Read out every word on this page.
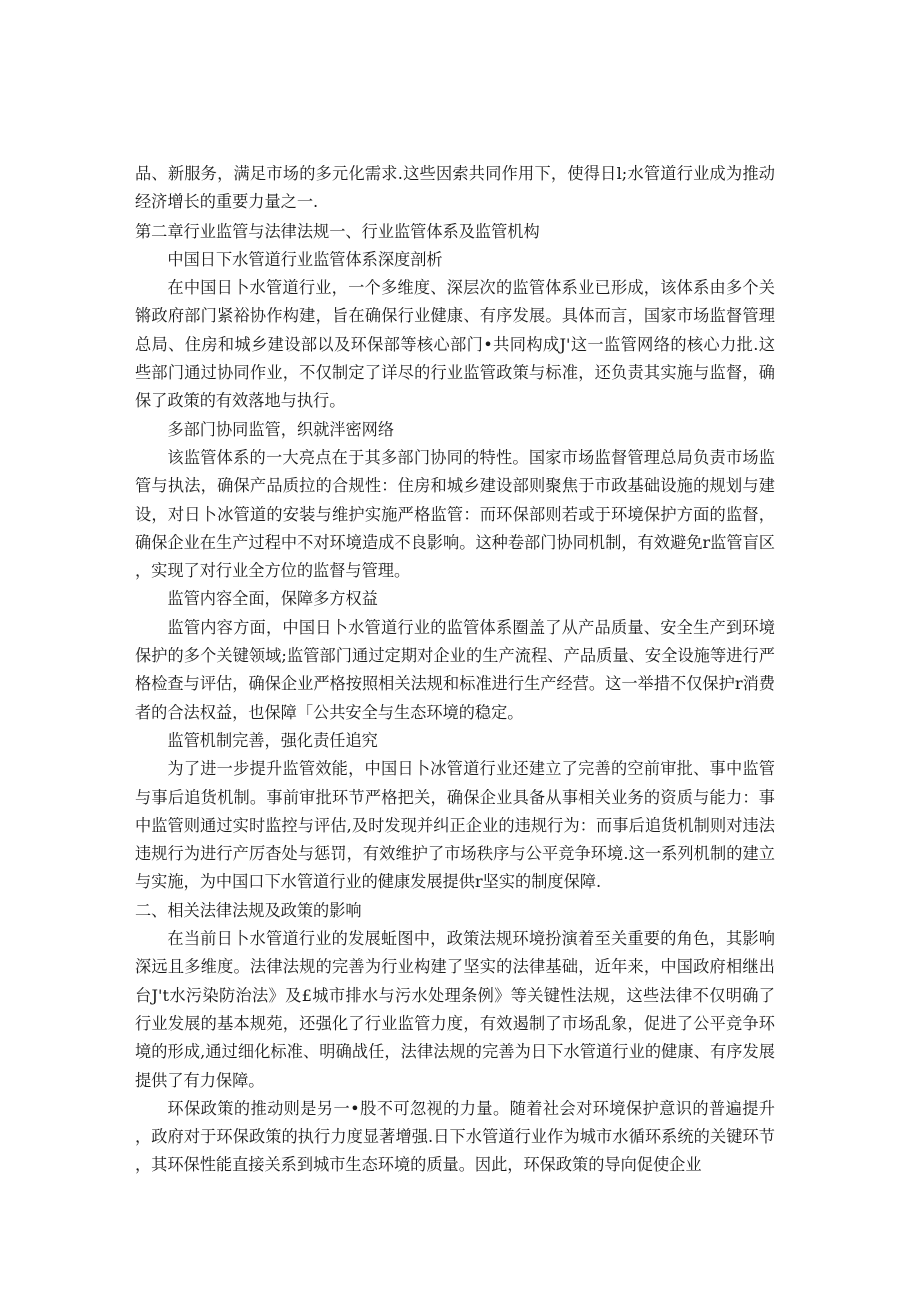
品、新服务，满足市场的多元化需求.这些因索共同作用下，使得日l;水管道行业成为推动经济增长的重要力量之一.

第二章行业监管与法律法规一、行业监管体系及监管机构

中国日下水管道行业监管体系深度剖析

在中国日卜水管道行业，一个多维度、深层次的监管体系业已形成，该体系由多个关锵政府部门紧裕协作构建，旨在确保行业健康、有序发展。具体而言，国家市场监督管理总局、住房和城乡建设部以及环保部等核心部门•共同构成J'这一监管网络的核心力批.这些部门通过协同作业，不仅制定了详尽的行业监管政策与标准，还负责其实施与监督，确保了政策的有效落地与执行。

多部门协同监管，织就泮密网络

该监管体系的一大亮点在于其多部门协同的特性。国家市场监督管理总局负责市场监管与执法，确保产品质拉的合规性：住房和城乡建设部则聚焦于市政基础设施的规划与建设，对日卜冰管道的安装与维护实施严格监管：而环保部则若或于环境保护方面的监督，确保企业在生产过程中不对环境造成不良影响。这种卷部门协同机制，有效避免r监管盲区，实现了对行业全方位的监督与管理。

监管内容全面，保障多方权益

监管内容方面，中国日卜水管道行业的监管体系圈盖了从产品质量、安全生产到环境保护的多个关键领域;监管部门通过定期对企业的生产流程、产品质量、安全设施等进行严格检查与评估，确保企业严格按照相关法规和标准进行生产经营。这一举措不仅保护r消费者的合法权益，也保障「公共安全与生态环境的稳定。

监管机制完善，强化责任追究

为了进一步提升监管效能，中国日卜冰管道行业还建立了完善的空前审批、事中监管与事后追货机制。事前审批环节严格把关，确保企业具备从事相关业务的资质与能力：事中监管则通过实时监控与评估,及时发现并纠正企业的违规行为：而事后追货机制则对违法违规行为进行产厉杳处与惩罚，有效维护了市场秩序与公平竞争环境.这一系列机制的建立与实施，为中国口下水管道行业的健康发展提供r坚实的制度保障.

二、相关法律法规及政策的影响

在当前日卜水管道行业的发展蚯图中，政策法规环境扮演着至关重要的角色，其影响深远且多维度。法律法规的完善为行业构建了坚实的法律基础，近年来，中国政府相继出台J't水污染防治法》及£城市排水与污水处理条例》等关键性法规，这些法律不仅明确了行业发展的基本规苑，还强化了行业监管力度，有效遏制了市场乱象，促进了公平竞争环境的形成,通过细化标准、明确战任，法律法规的完善为日下水管道行业的健康、有序发展提供了有力保障。

环保政策的推动则是另一•股不可忽视的力量。随着社会对环境保护意识的普遍提升，政府对于环保政策的执行力度显著增强.日下水管道行业作为城市水循环系统的关键环节，其环保性能直接关系到城市生态环境的质量。因此，环保政策的导向促使企业
